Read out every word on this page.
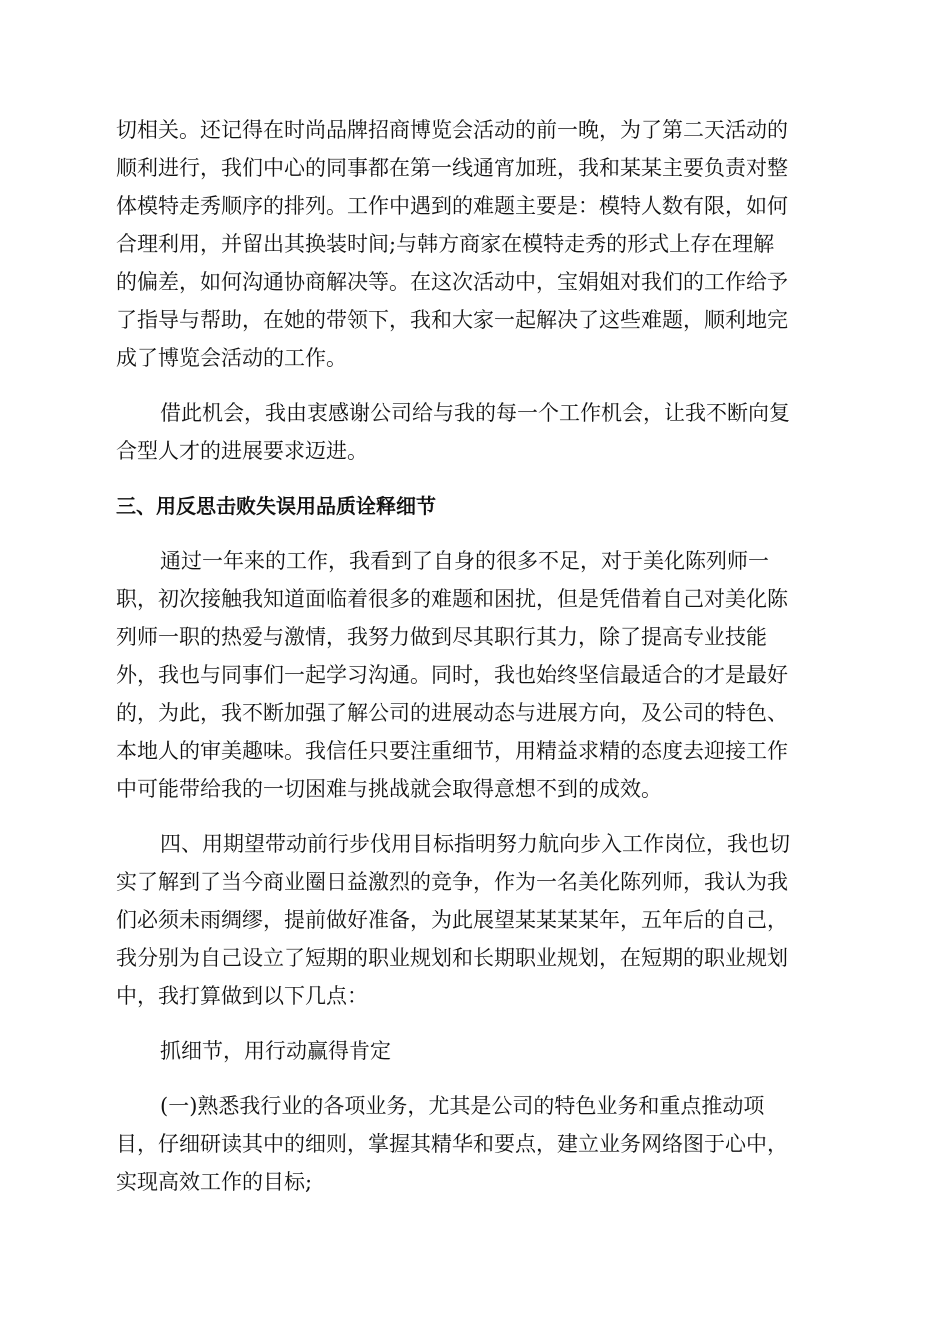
切相关。还记得在时尚品牌招商博览会活动的前一晚，为了第二天活动的
顺利进行，我们中心的同事都在第一线通宵加班，我和某某主要负责对整
体模特走秀顺序的排列。工作中遇到的难题主要是：模特人数有限，如何
合理利用，并留出其换装时间;与韩方商家在模特走秀的形式上存在理解
的偏差，如何沟通协商解决等。在这次活动中，宝娟姐对我们的工作给予
了指导与帮助，在她的带领下，我和大家一起解决了这些难题，顺利地完
成了博览会活动的工作。
借此机会，我由衷感谢公司给与我的每一个工作机会，让我不断向复
合型人才的进展要求迈进。
三、用反思击败失误用品质诠释细节
通过一年来的工作，我看到了自身的很多不足，对于美化陈列师一
职，初次接触我知道面临着很多的难题和困扰，但是凭借着自己对美化陈
列师一职的热爱与激情，我努力做到尽其职行其力，除了提高专业技能
外，我也与同事们一起学习沟通。同时，我也始终坚信最适合的才是最好
的，为此，我不断加强了解公司的进展动态与进展方向，及公司的特色、
本地人的审美趣味。我信任只要注重细节，用精益求精的态度去迎接工作
中可能带给我的一切困难与挑战就会取得意想不到的成效。
四、用期望带动前行步伐用目标指明努力航向步入工作岗位，我也切
实了解到了当今商业圈日益激烈的竞争，作为一名美化陈列师，我认为我
们必须未雨绸缪，提前做好准备，为此展望某某某某年，五年后的自己，
我分别为自己设立了短期的职业规划和长期职业规划，在短期的职业规划
中，我打算做到以下几点：
抓细节，用行动赢得肯定
(一)熟悉我行业的各项业务，尤其是公司的特色业务和重点推动项
目，仔细研读其中的细则，掌握其精华和要点，建立业务网络图于心中，
实现高效工作的目标;
